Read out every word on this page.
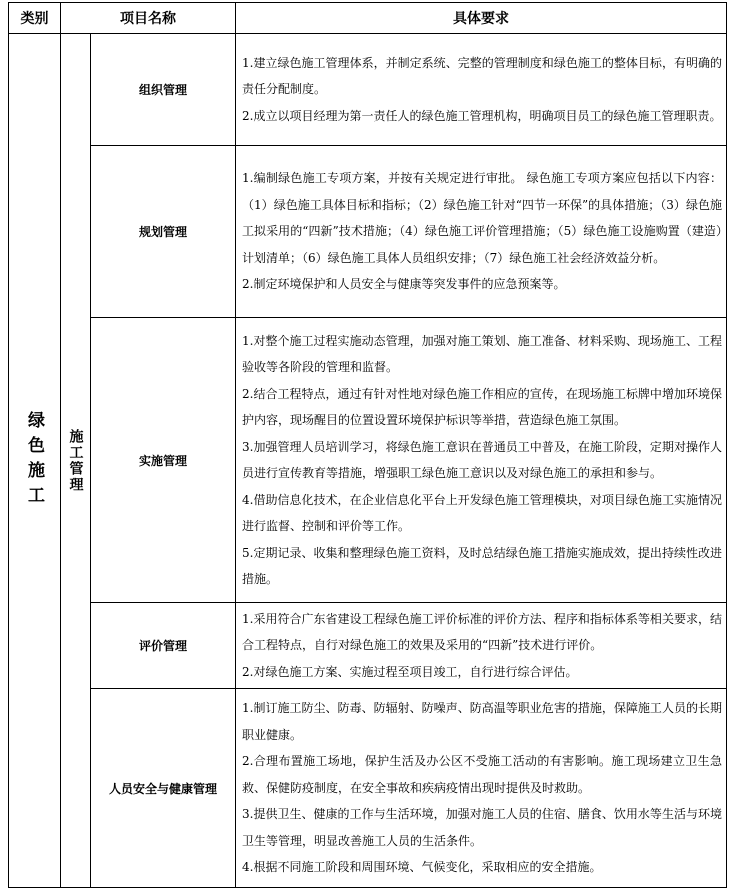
类别	项目名称		具体要求
绿色施工	施工管理	组织管理	1.建立绿色施工管理体系，并制定系统、完整的管理制度和绿色施工的整体目标，有明确的责任分配制度。

2.成立以项目经理为第一责任人的绿色施工管理机构，明确项目员工的绿色施工管理职责。

		规划管理	1.编制绿色施工专项方案，并按有关规定进行审批。 绿色施工专项方案应包括以下内容：（1）绿色施工具体目标和指标；（2）绿色施工针对“四节一环保”的具体措施；（3）绿色施工拟采用的“四新”技术措施；（4）绿色施工评价管理措施；（5）绿色施工设施购置（建造）计划清单；（6）绿色施工具体人员组织安排；（7）绿色施工社会经济效益分析。

2.制定环境保护和人员安全与健康等突发事件的应急预案等。

		实施管理	1.对整个施工过程实施动态管理，加强对施工策划、施工准备、材料采购、现场施工、工程验收等各阶段的管理和监督。

2.结合工程特点，通过有针对性地对绿色施工作相应的宣传，在现场施工标牌中增加环境保护内容，现场醒目的位置设置环境保护标识等举措，营造绿色施工氛围。

3.加强管理人员培训学习，将绿色施工意识在普通员工中普及，在施工阶段，定期对操作人员进行宣传教育等措施，增强职工绿色施工意识以及对绿色施工的承担和参与。

4.借助信息化技术，在企业信息化平台上开发绿色施工管理模块，对项目绿色施工实施情况进行监督、控制和评价等工作。

5.定期记录、收集和整理绿色施工资料，及时总结绿色施工措施实施成效，提出持续性改进措施。

		评价管理	1.采用符合广东省建设工程绿色施工评价标准的评价方法、程序和指标体系等相关要求，结合工程特点，自行对绿色施工的效果及采用的“四新”技术进行评价。

2.对绿色施工方案、实施过程至项目竣工，自行进行综合评估。

		人员安全与健康管理	1.制订施工防尘、防毒、防辐射、防噪声、防高温等职业危害的措施，保障施工人员的长期职业健康。

2.合理布置施工场地，保护生活及办公区不受施工活动的有害影响。施工现场建立卫生急救、保健防疫制度，在安全事故和疾病疫情出现时提供及时救助。

3.提供卫生、健康的工作与生活环境，加强对施工人员的住宿、膳食、饮用水等生活与环境卫生等管理，明显改善施工人员的生活条件。

4.根据不同施工阶段和周围环境、气候变化，采取相应的安全措施。
